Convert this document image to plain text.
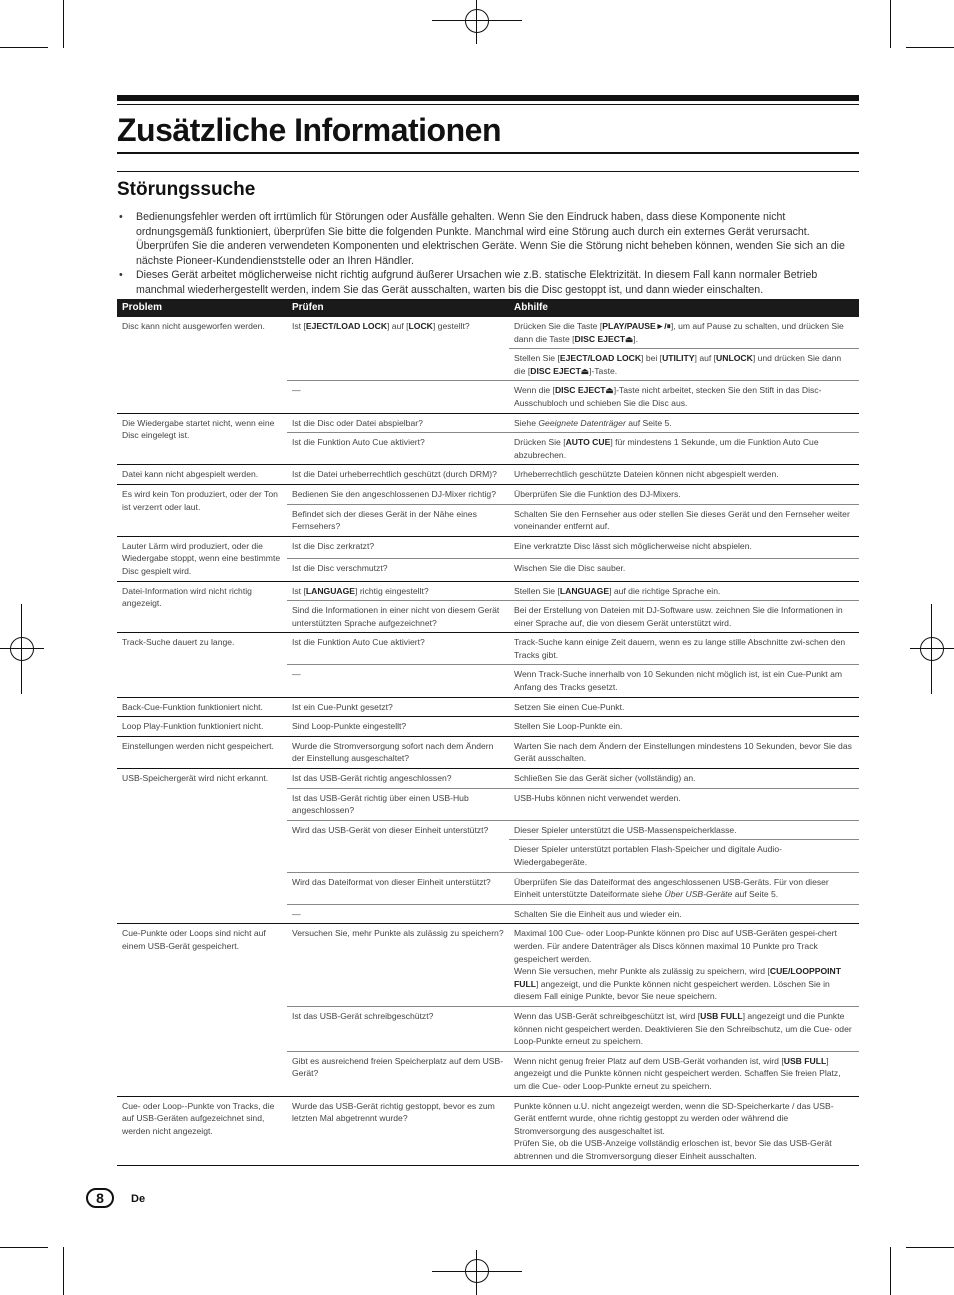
Zusätzliche Informationen
Störungssuche
• Bedienungsfehler werden oft irrtümlich für Störungen oder Ausfälle gehalten. Wenn Sie den Eindruck haben, dass diese Komponente nicht ordnungsgemäß funktioniert, überprüfen Sie bitte die folgenden Punkte. Manchmal wird eine Störung auch durch ein externes Gerät verursacht. Überprüfen Sie die anderen verwendeten Komponenten und elektrischen Geräte. Wenn Sie die Störung nicht beheben können, wenden Sie sich an die nächste Pioneer-Kundendienststelle oder an Ihren Händler.
• Dieses Gerät arbeitet möglicherweise nicht richtig aufgrund äußerer Ursachen wie z.B. statische Elektrizität. In diesem Fall kann normaler Betrieb manchmal wiederhergestellt werden, indem Sie das Gerät ausschalten, warten bis die Disc gestoppt ist, und dann wieder einschalten.
Problem	Prüfen	Abhilfe
Disc kann nicht ausgeworfen werden.	Ist [EJECT/LOAD LOCK] auf [LOCK] gestellt?	Drücken Sie die Taste [PLAY/PAUSE►/⏸], um auf Pause zu schalten, und drücken Sie dann die Taste [DISC EJECT⏏].
		Stellen Sie [EJECT/LOAD LOCK] bei [UTILITY] auf [UNLOCK] und drücken Sie dann die [DISC EJECT⏏]-Taste.
	—	Wenn die [DISC EJECT⏏]-Taste nicht arbeitet, stecken Sie den Stift in das Disc-Ausschubloch und schieben Sie die Disc aus.
Die Wiedergabe startet nicht, wenn eine Disc eingelegt ist.	Ist die Disc oder Datei abspielbar?	Siehe Geeignete Datenträger auf Seite 5.
	Ist die Funktion Auto Cue aktiviert?	Drücken Sie [AUTO CUE] für mindestens 1 Sekunde, um die Funktion Auto Cue abzubrechen.
Datei kann nicht abgespielt werden.	Ist die Datei urheberrechtlich geschützt (durch DRM)?	Urheberrechtlich geschützte Dateien können nicht abgespielt werden.
Es wird kein Ton produziert, oder der Ton ist verzerrt oder laut.	Bedienen Sie den angeschlossenen DJ-Mixer richtig?	Überprüfen Sie die Funktion des DJ-Mixers.
	Befindet sich der dieses Gerät in der Nähe eines Fernsehers?	Schalten Sie den Fernseher aus oder stellen Sie dieses Gerät und den Fernseher weiter voneinander entfernt auf.
Lauter Lärm wird produziert, oder die Wiedergabe stoppt, wenn eine bestimmte Disc gespielt wird.	Ist die Disc zerkratzt?	Eine verkratzte Disc lässt sich möglicherweise nicht abspielen.
	Ist die Disc verschmutzt?	Wischen Sie die Disc sauber.
Datei-Information wird nicht richtig angezeigt.	Ist [LANGUAGE] richtig eingestellt?	Stellen Sie [LANGUAGE] auf die richtige Sprache ein.
	Sind die Informationen in einer nicht von diesem Gerät unterstützten Sprache aufgezeichnet?	Bei der Erstellung von Dateien mit DJ-Software usw. zeichnen Sie die Informationen in einer Sprache auf, die von diesem Gerät unterstützt wird.
Track-Suche dauert zu lange.	Ist die Funktion Auto Cue aktiviert?	Track-Suche kann einige Zeit dauern, wenn es zu lange stille Abschnitte zwi-schen den Tracks gibt.
	—	Wenn Track-Suche innerhalb von 10 Sekunden nicht möglich ist, ist ein Cue-Punkt am Anfang des Tracks gesetzt.
Back-Cue-Funktion funktioniert nicht.	Ist ein Cue-Punkt gesetzt?	Setzen Sie einen Cue-Punkt.
Loop Play-Funktion funktioniert nicht.	Sind Loop-Punkte eingestellt?	Stellen Sie Loop-Punkte ein.
Einstellungen werden nicht gespeichert.	Wurde die Stromversorgung sofort nach dem Ändern der Einstellung ausgeschaltet?	Warten Sie nach dem Ändern der Einstellungen mindestens 10 Sekunden, bevor Sie das Gerät ausschalten.
USB-Speichergerät wird nicht erkannt.	Ist das USB-Gerät richtig angeschlossen?	Schließen Sie das Gerät sicher (vollständig) an.
	Ist das USB-Gerät richtig über einen USB-Hub angeschlossen?	USB-Hubs können nicht verwendet werden.
	Wird das USB-Gerät von dieser Einheit unterstützt?	Dieser Spieler unterstützt die USB-Massenspeicherklasse.
		Dieser Spieler unterstützt portablen Flash-Speicher und digitale Audio-Wiedergabegeräte.
	Wird das Dateiformat von dieser Einheit unterstützt?	Überprüfen Sie das Dateiformat des angeschlossenen USB-Geräts. Für von dieser Einheit unterstützte Dateiformate siehe Über USB-Geräte auf Seite 5.
	—	Schalten Sie die Einheit aus und wieder ein.
Cue-Punkte oder Loops sind nicht auf einem USB-Gerät gespeichert.	Versuchen Sie, mehr Punkte als zulässig zu speichern?	Maximal 100 Cue- oder Loop-Punkte können pro Disc auf USB-Geräten gespei-chert werden. Für andere Datenträger als Discs können maximal 10 Punkte pro Track gespeichert werden.
Wenn Sie versuchen, mehr Punkte als zulässig zu speichern, wird [CUE/LOOPPOINT FULL] angezeigt, und die Punkte können nicht gespeichert werden. Löschen Sie in diesem Fall einige Punkte, bevor Sie neue speichern.
	Ist das USB-Gerät schreibgeschützt?	Wenn das USB-Gerät schreibgeschützt ist, wird [USB FULL] angezeigt und die Punkte können nicht gespeichert werden. Deaktivieren Sie den Schreibschutz, um die Cue- oder Loop-Punkte erneut zu speichern.
	Gibt es ausreichend freien Speicherplatz auf dem USB-Gerät?	Wenn nicht genug freier Platz auf dem USB-Gerät vorhanden ist, wird [USB FULL] angezeigt und die Punkte können nicht gespeichert werden. Schaffen Sie freien Platz, um die Cue- oder Loop-Punkte erneut zu speichern.
Cue- oder Loop--Punkte von Tracks, die auf USB-Geräten aufgezeichnet sind, werden nicht angezeigt.	Wurde das USB-Gerät richtig gestoppt, bevor es zum letzten Mal abgetrennt wurde?	Punkte können u.U. nicht angezeigt werden, wenn die SD-Speicherkarte / das USB-Gerät entfernt wurde, ohne richtig gestoppt zu werden oder während die Stromversorgung des ausgeschaltet ist.
Prüfen Sie, ob die USB-Anzeige vollständig erloschen ist, bevor Sie das USB-Gerät abtrennen und die Stromversorgung dieser Einheit ausschalten.
8	De
